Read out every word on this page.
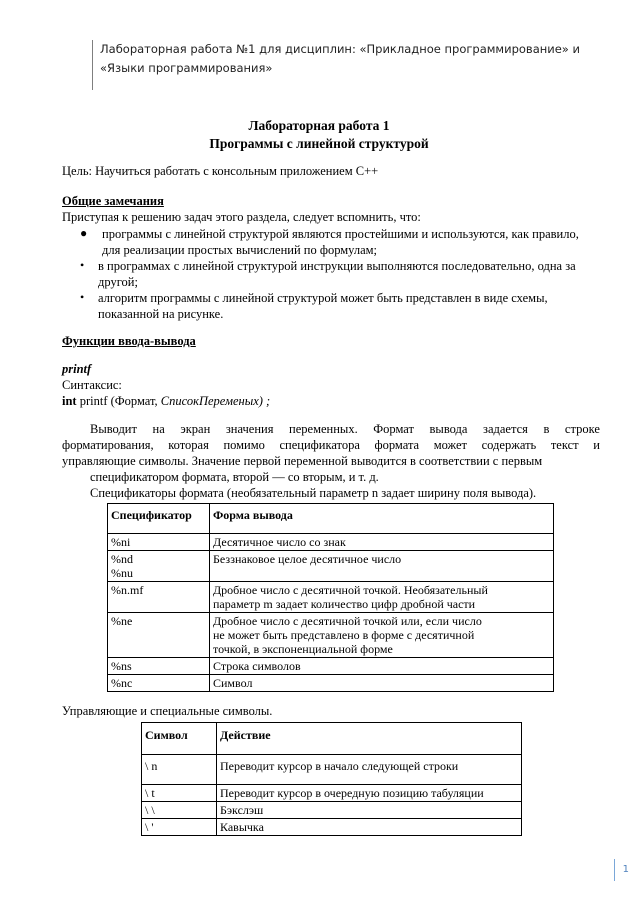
Лабораторная работа №1 для дисциплин: «Прикладное программирование» и
«Языки программирования»
Лабораторная работа 1
Программы с линейной структурой
Цель: Научиться работать с консольным приложением С++
Общие замечания
Приступая к решению задач этого раздела, следует вспомнить, что:
● программы с линейной структурой являются простейшими и используются, как правило,
для реализации простых вычислений по формулам;
• в программах с линейной структурой инструкции выполняются последовательно, одна за
другой;
• алгоритм программы с линейной структурой может быть представлен в виде схемы,
показанной на рисунке.
Функции ввода-вывода
printf
Синтаксис:
int printf (Формат, СписокПеременых) ;
Выводит на экран значения переменных. Формат вывода задается в строке
форматирования, которая помимо спецификатора формата может содержать текст и
управляющие символы. Значение первой переменной выводится в соответствии с первым
спецификатором формата, второй — со вторым, и т. д.
Спецификаторы формата (необязательный параметр n задает ширину поля вывода).
Спецификатор	Форма вывода
%ni	Десятичное число со знак

%nd
%nu	Беззнаковое целое десятичное число
%n.mf	Дробное число с десятичной точкой. Необязательный
параметр m задает количество цифр дробной части

%ne	Дробное число с десятичной точкой или, если число
не может быть представлено в форме с десятичной
точкой, в экспоненциальной форме

%ns	Строка символов
%nc	Символ
Управляющие и специальные символы.
Символ	Действие
\ n	Переводит курсор в начало следующей строки
\ t	Переводит курсор в очередную позицию табуляции
\ \	Бэкслэш
\ '	Кавычка
1
